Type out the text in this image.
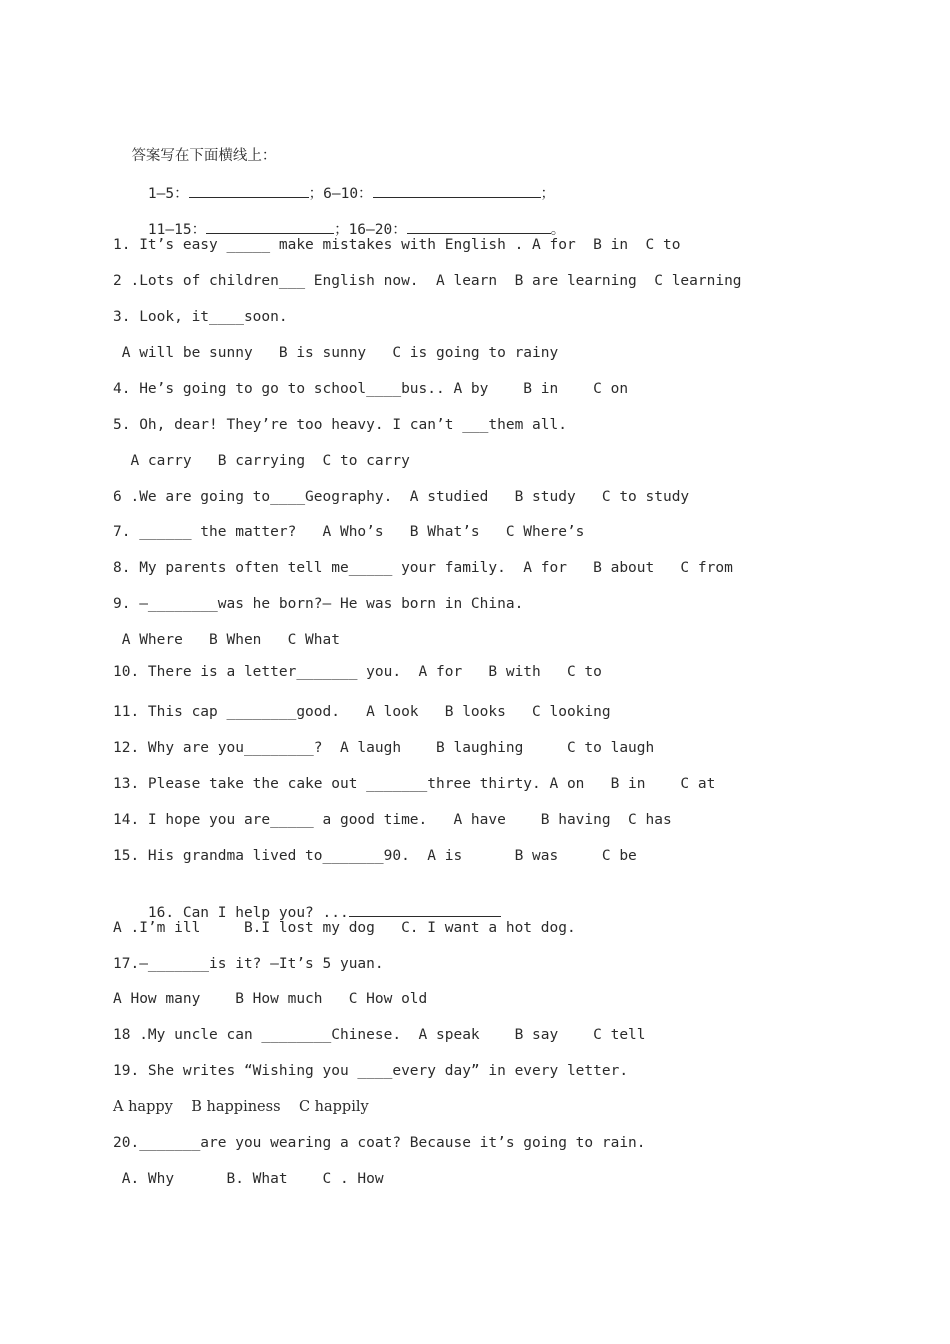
答案写在下面横线上：

1—5：	；6—10：	；

11—15：	；16—20：	。

1. It’s easy _____ make mistakes with English . A for  B in  C to
2 .Lots of children___ English now.  A learn  B are learning  C learning
3. Look, it____soon.
A will be sunny   B is sunny   C is going to rainy
4. He’s going to go to school____bus.. A by    B in    C on
5. Oh, dear! They’re too heavy. I can’t ___them all.
A carry   B carrying  C to carry
6 .We are going to____Geography.  A studied   B study   C to study
7. ______ the matter?   A Who’s   B What’s   C Where’s
8. My parents often tell me_____ your family.  A for   B about   C from
9. —________was he born?— He was born in China.
A Where   B When   C What
10. There is a letter_______ you.  A for   B with   C to
11. This cap ________good.   A look   B looks   C looking
12. Why are you________?  A laugh    B laughing     C to laugh
13. Please take the cake out _______three thirty. A on   B in    C at
14. I hope you are_____ a good time.   A have    B having  C has
15. His grandma lived to_______90.  A is      B was     C be

16. Can I help you? ...

A .I’m ill     B.I lost my dog   C. I want a hot dog.
17.—_______is it? —It’s 5 yuan.
A How many    B How much   C How old
18 .My uncle can ________Chinese.  A speak    B say    C tell
19. She writes “Wishing you ____every day” in every letter.
A happy    B happiness    C happily
20._______are you wearing a coat? Because it’s going to rain.
A. Why      B. What    C . How
